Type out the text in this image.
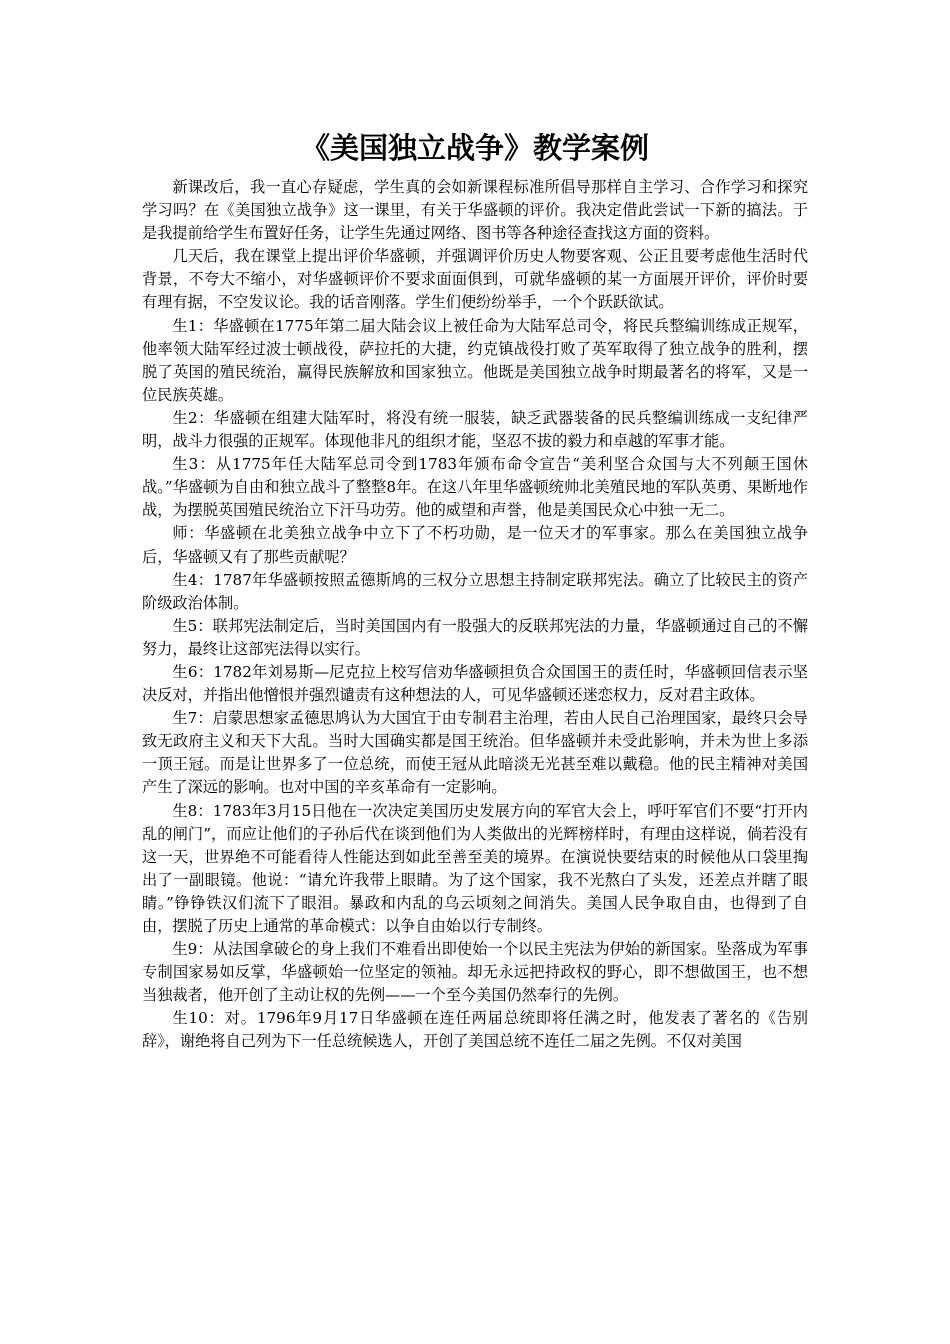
《美国独立战争》教学案例

新课改后，我一直心存疑虑，学生真的会如新课程标准所倡导那样自主学习、合作学习和探究学习吗？在《美国独立战争》这一课里，有关于华盛顿的评价。我决定借此尝试一下新的搞法。于是我提前给学生布置好任务，让学生先通过网络、图书等各种途径查找这方面的资料。

几天后，我在课堂上提出评价华盛顿，并强调评价历史人物要客观、公正且要考虑他生活时代背景，不夸大不缩小，对华盛顿评价不要求面面俱到，可就华盛顿的某一方面展开评价，评价时要有理有据，不空发议论。我的话音刚落。学生们便纷纷举手，一个个跃跃欲试。

生1：华盛顿在1775年第二届大陆会议上被任命为大陆军总司令，将民兵整编训练成正规军，他率领大陆军经过波士顿战役，萨拉托的大捷，约克镇战役打败了英军取得了独立战争的胜利，摆脱了英国的殖民统治，赢得民族解放和国家独立。他既是美国独立战争时期最著名的将军，又是一位民族英雄。

生2：华盛顿在组建大陆军时，将没有统一服装，缺乏武器装备的民兵整编训练成一支纪律严明，战斗力很强的正规军。体现他非凡的组织才能，坚忍不拔的毅力和卓越的军事才能。

生3：从1775年任大陆军总司令到1783年颁布命令宣告“美利坚合众国与大不列颠王国休战。”华盛顿为自由和独立战斗了整整8年。在这八年里华盛顿统帅北美殖民地的军队英勇、果断地作战，为摆脱英国殖民统治立下汗马功劳。他的威望和声誉，他是美国民众心中独一无二。

师：华盛顿在北美独立战争中立下了不朽功勋，是一位天才的军事家。那么在美国独立战争后，华盛顿又有了那些贡献呢？

生4：1787年华盛顿按照孟德斯鸠的三权分立思想主持制定联邦宪法。确立了比较民主的资产阶级政治体制。

生5：联邦宪法制定后，当时美国国内有一股强大的反联邦宪法的力量，华盛顿通过自己的不懈努力，最终让这部宪法得以实行。

生6：1782年刘易斯—尼克拉上校写信劝华盛顿担负合众国国王的责任时，华盛顿回信表示坚决反对，并指出他憎恨并强烈谴责有这种想法的人，可见华盛顿还迷恋权力，反对君主政体。

生7：启蒙思想家孟德思鸠认为大国宜于由专制君主治理，若由人民自己治理国家，最终只会导致无政府主义和天下大乱。当时大国确实都是国王统治。但华盛顿并未受此影响，并未为世上多添一顶王冠。而是让世界多了一位总统，而使王冠从此暗淡无光甚至难以戴稳。他的民主精神对美国产生了深远的影响。也对中国的辛亥革命有一定影响。

生8：1783年3月15日他在一次决定美国历史发展方向的军官大会上，呼吁军官们不要“打开内乱的闸门”，而应让他们的子孙后代在谈到他们为人类做出的光辉榜样时，有理由这样说，倘若没有这一天，世界绝不可能看待人性能达到如此至善至美的境界。在演说快要结束的时候他从口袋里掏出了一副眼镜。他说：“请允许我带上眼睛。为了这个国家，我不光熬白了头发，还差点并瞎了眼睛。”铮铮铁汉们流下了眼泪。暴政和内乱的乌云顷刻之间消失。美国人民争取自由，也得到了自由，摆脱了历史上通常的革命模式：以争自由始以行专制终。

生9：从法国拿破仑的身上我们不难看出即使始一个以民主宪法为伊始的新国家。坠落成为军事专制国家易如反掌，华盛顿始一位坚定的领袖。却无永远把持政权的野心，即不想做国王，也不想当独裁者，他开创了主动让权的先例——一个至今美国仍然奉行的先例。

生10：对。1796年9月17日华盛顿在连任两届总统即将任满之时，他发表了著名的《告别辞》，谢绝将自己列为下一任总统候选人，开创了美国总统不连任二届之先例。不仅对美国
